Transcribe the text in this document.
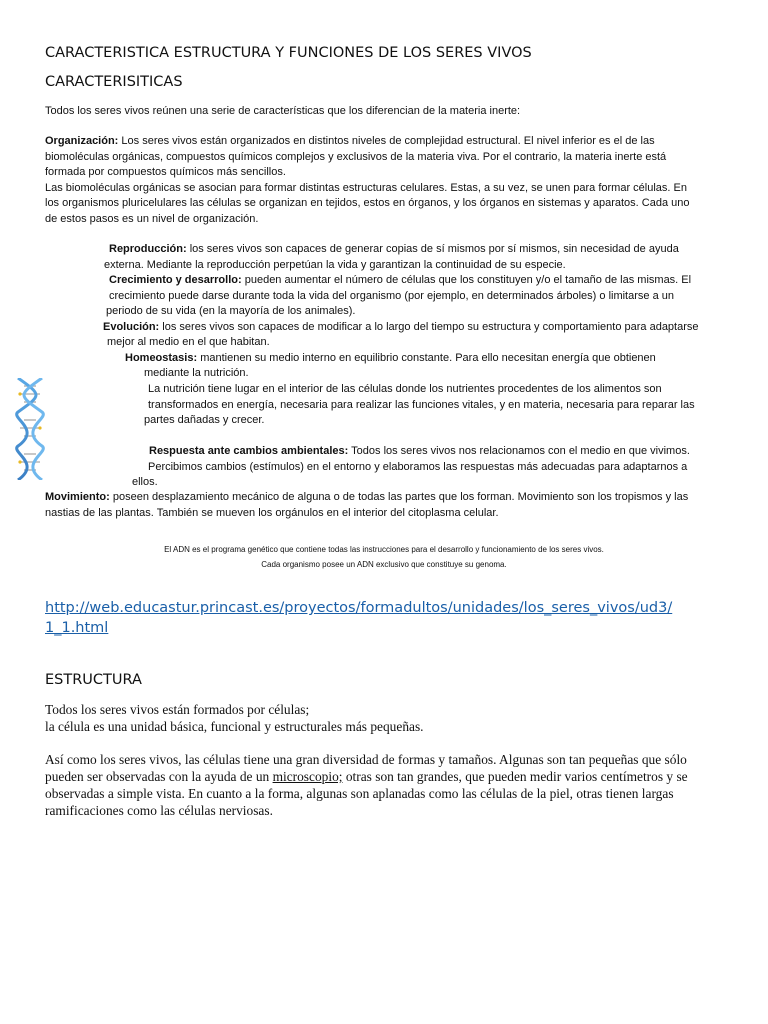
CARACTERISTICA ESTRUCTURA Y FUNCIONES DE LOS SERES VIVOS
CARACTERISITICAS
Todos los seres vivos reúnen una serie de características que los diferencian de la materia inerte:
Organización: Los seres vivos están organizados en distintos niveles de complejidad estructural. El nivel inferior es el de las
biomoléculas orgánicas, compuestos químicos complejos y exclusivos de la materia viva. Por el contrario, la materia inerte está
formada por compuestos químicos más sencillos.
Las biomoléculas orgánicas se asocian para formar distintas estructuras celulares. Estas, a su vez, se unen para formar células. En
los organismos pluricelulares las células se organizan en tejidos, estos en órganos, y los órganos en sistemas y aparatos. Cada uno
de estos pasos es un nivel de organización.
Reproducción: los seres vivos son capaces de generar copias de sí mismos por sí mismos, sin necesidad de ayuda
externa. Mediante la reproducción perpetúan la vida y garantizan la continuidad de su especie.
Crecimiento y desarrollo: pueden aumentar el número de células que los constituyen y/o el tamaño de las mismas. El
crecimiento puede darse durante toda la vida del organismo (por ejemplo, en determinados árboles) o limitarse a un
periodo de su vida (en la mayoría de los animales).
Evolución: los seres vivos son capaces de modificar a lo largo del tiempo su estructura y comportamiento para adaptarse
mejor al medio en el que habitan.
Homeostasis: mantienen su medio interno en equilibrio constante. Para ello necesitan energía que obtienen
mediante la nutrición.
La nutrición tiene lugar en el interior de las células donde los nutrientes procedentes de los alimentos son
transformados en energía, necesaria para realizar las funciones vitales, y en materia, necesaria para reparar las
partes dañadas y crecer.
Respuesta ante cambios ambientales: Todos los seres vivos nos relacionamos con el medio en que vivimos.
Percibimos cambios (estímulos) en el entorno y elaboramos las respuestas más adecuadas para adaptarnos a
ellos.
Movimiento: poseen desplazamiento mecánico de alguna o de todas las partes que los forman. Movimiento son los tropismos y las
nastias de las plantas. También se mueven los orgánulos en el interior del citoplasma celular.
El ADN es el programa genético que contiene todas las instrucciones para el desarrollo y funcionamiento de los seres vivos.
Cada organismo posee un ADN exclusivo que constituye su genoma.
http://web.educastur.princast.es/proyectos/formadultos/unidades/los_seres_vivos/ud3/
1_1.html
ESTRUCTURA
Todos los seres vivos están formados por células;
la célula es una unidad básica, funcional y estructurales más pequeñas.
Así como los seres vivos, las células tiene una gran diversidad de formas y tamaños. Algunas son tan pequeñas que sólo
pueden ser observadas con la ayuda de un microscopio; otras son tan grandes, que pueden medir varios centímetros y se
observadas a simple vista. En cuanto a la forma, algunas son aplanadas como las células de la piel, otras tienen largas
ramificaciones como las células nerviosas.
